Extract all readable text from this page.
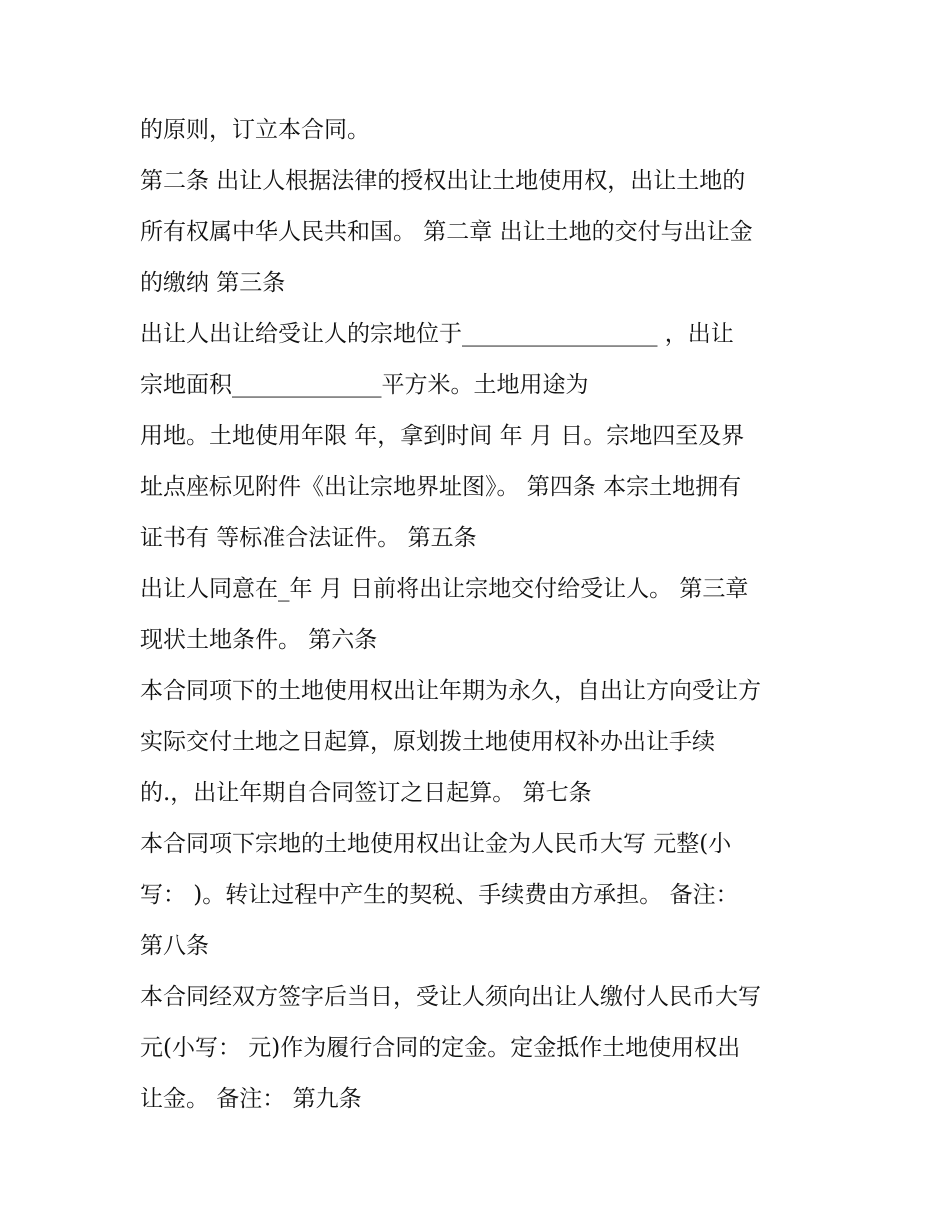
的原则，订立本合同。
第二条 出让人根据法律的授权出让土地使用权，出让土地的
所有权属中华人民共和国。 第二章 出让土地的交付与出让金
的缴纳 第三条
出让人出让给受让人的宗地位于_________________ ，出让
宗地面积_____________平方米。土地用途为
用地。土地使用年限 年，拿到时间 年 月 日。宗地四至及界
址点座标见附件《出让宗地界址图》。 第四条 本宗土地拥有
证书有 等标准合法证件。 第五条
出让人同意在_年 月 日前将出让宗地交付给受让人。 第三章
现状土地条件。 第六条
本合同项下的土地使用权出让年期为永久，自出让方向受让方
实际交付土地之日起算，原划拨土地使用权补办出让手续
的.，出让年期自合同签订之日起算。 第七条
本合同项下宗地的土地使用权出让金为人民币大写 元整(小
写： )。转让过程中产生的契税、手续费由方承担。 备注：
第八条
本合同经双方签字后当日，受让人须向出让人缴付人民币大写
元(小写： 元)作为履行合同的定金。定金抵作土地使用权出
让金。 备注： 第九条
